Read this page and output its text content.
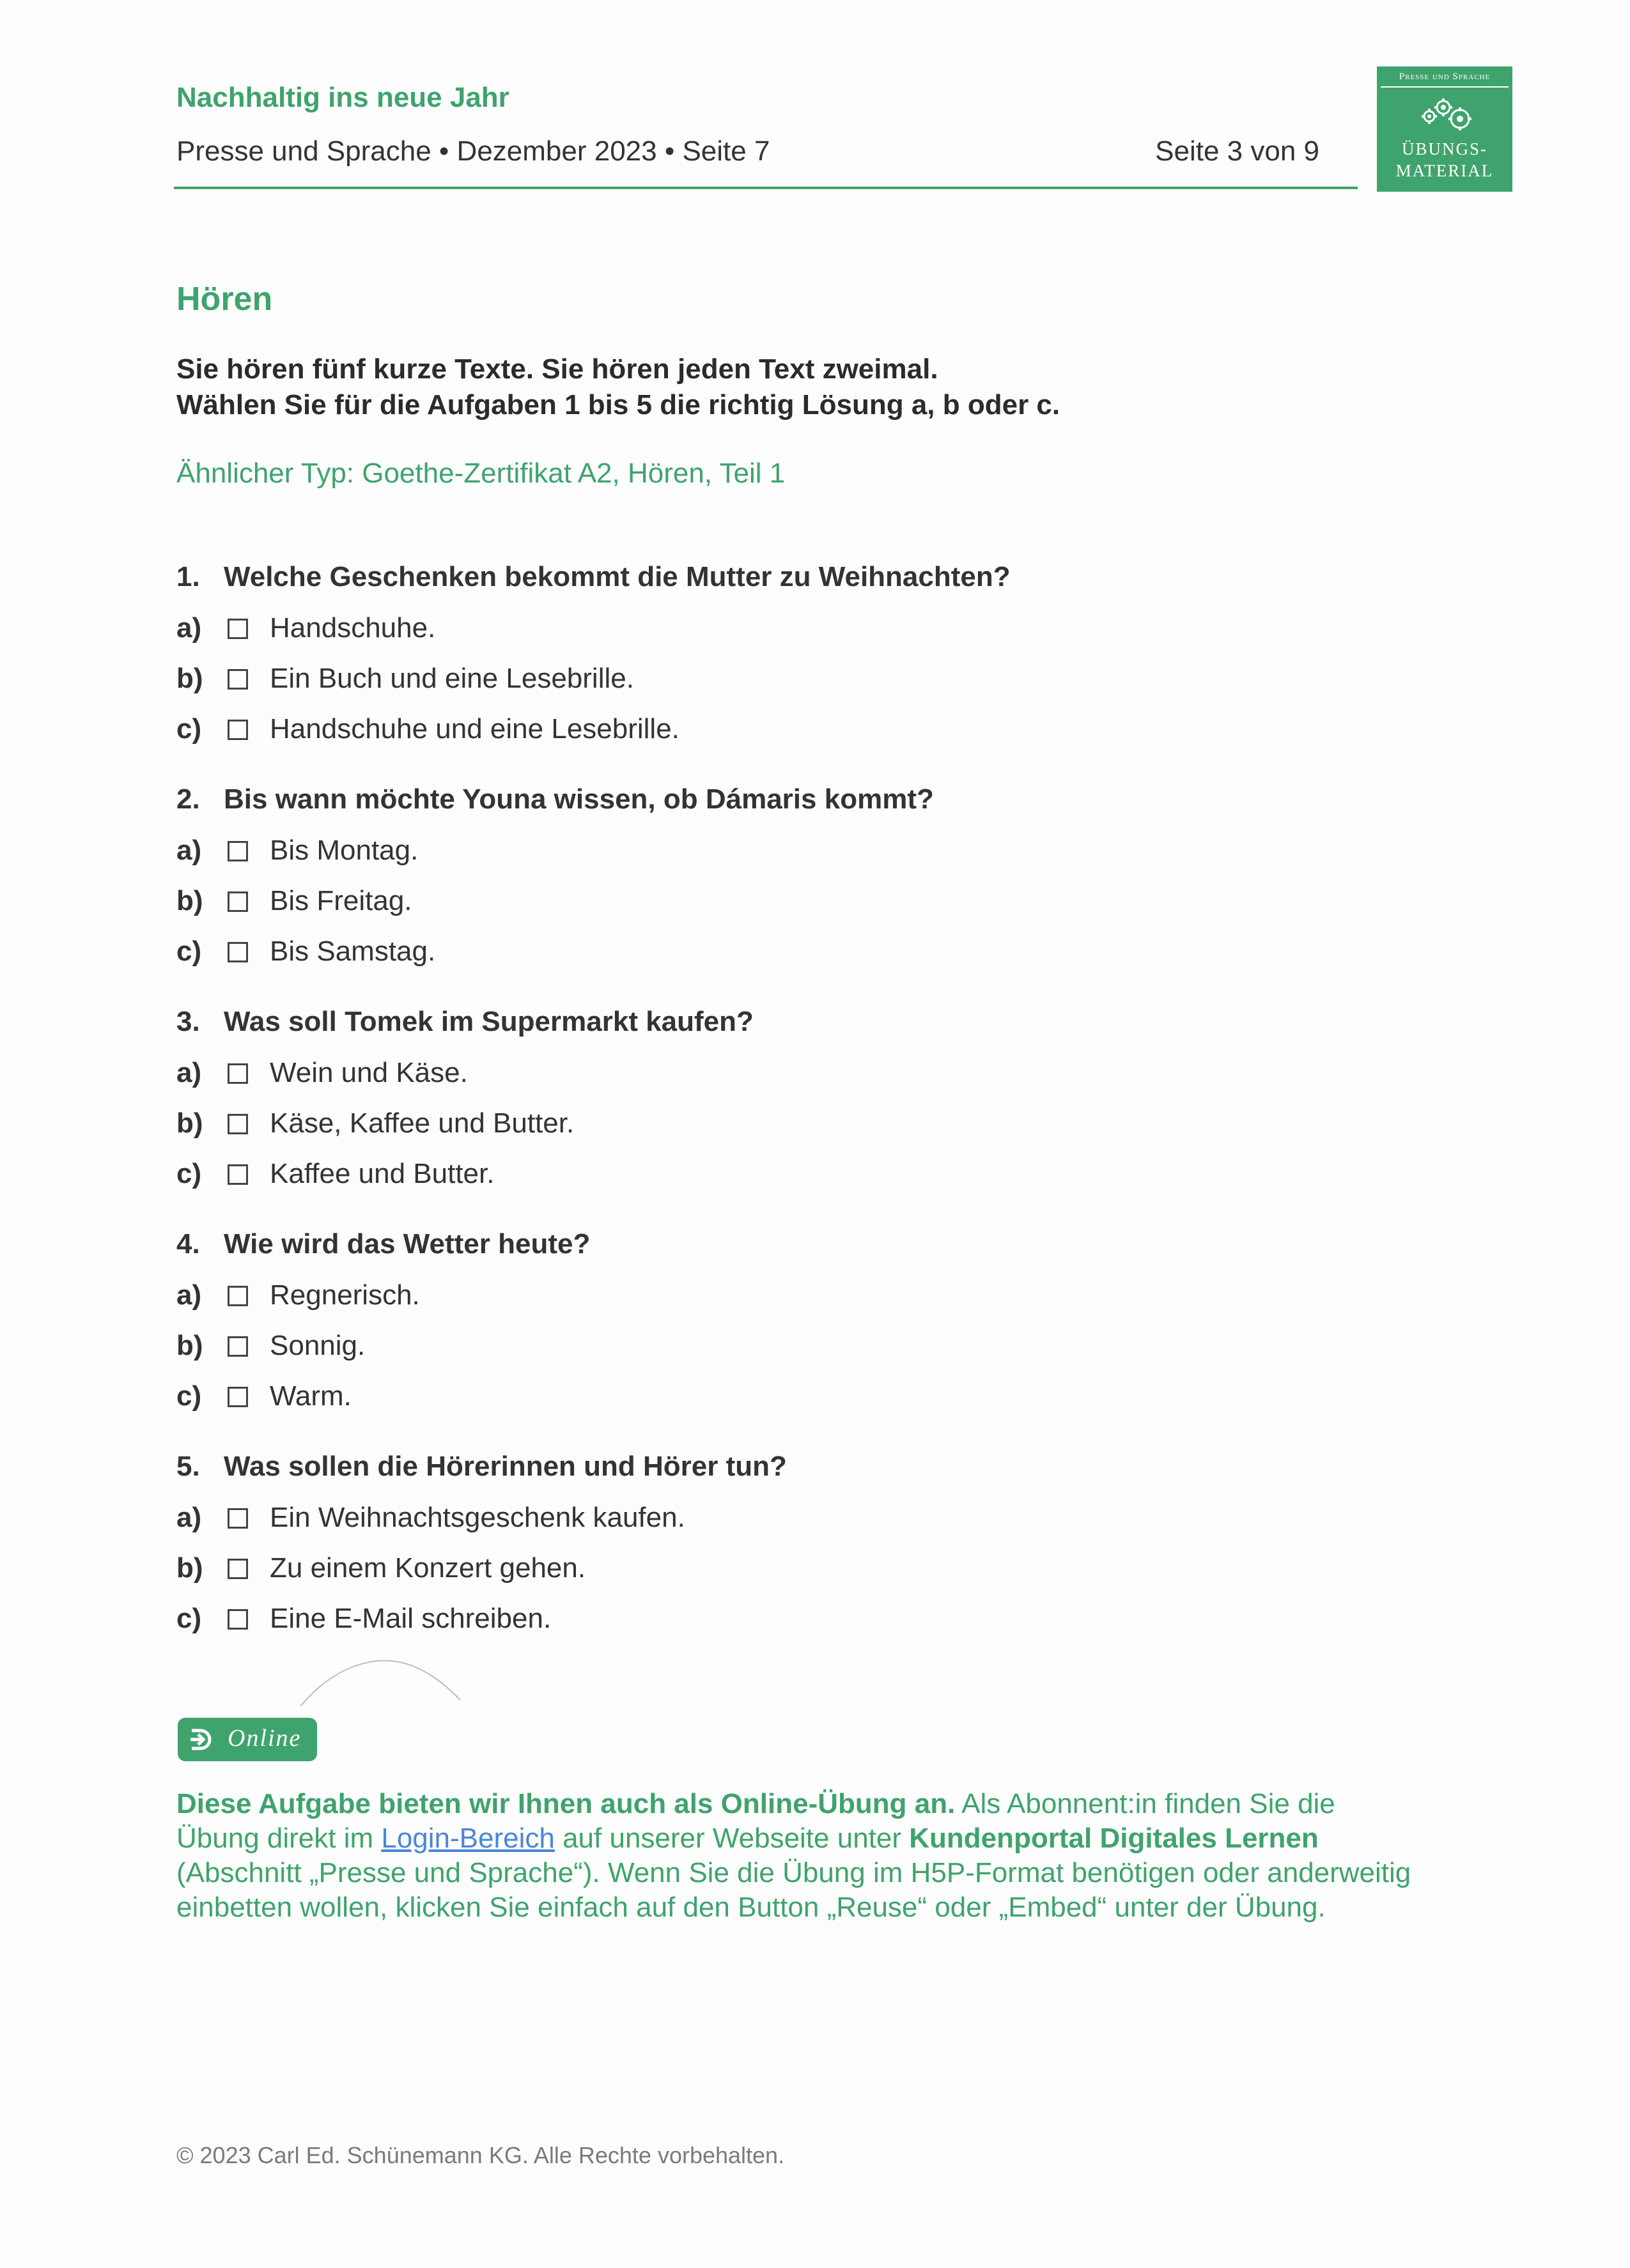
Nachhaltig ins neue Jahr
Presse und Sprache • Dezember 2023 • Seite 7	Seite 3 von 9
Presse und Sprache
ÜBUNGS-
MATERIAL
Hören
Sie hören fünf kurze Texte. Sie hören jeden Text zweimal.
Wählen Sie für die Aufgaben 1 bis 5 die richtig Lösung a, b oder c.
Ähnlicher Typ: Goethe-Zertifikat A2, Hören, Teil 1
1. Welche Geschenken bekommt die Mutter zu Weihnachten?
a) Handschuhe.
b) Ein Buch und eine Lesebrille.
c) Handschuhe und eine Lesebrille.
2. Bis wann möchte Youna wissen, ob Dámaris kommt?
a) Bis Montag.
b) Bis Freitag.
c) Bis Samstag.
3. Was soll Tomek im Supermarkt kaufen?
a) Wein und Käse.
b) Käse, Kaffee und Butter.
c) Kaffee und Butter.
4. Wie wird das Wetter heute?
a) Regnerisch.
b) Sonnig.
c) Warm.
5. Was sollen die Hörerinnen und Hörer tun?
a) Ein Weihnachtsgeschenk kaufen.
b) Zu einem Konzert gehen.
c) Eine E-Mail schreiben.
Online
Diese Aufgabe bieten wir Ihnen auch als Online-Übung an. Als Abonnent:in finden Sie die Übung direkt im Login-Bereich auf unserer Webseite unter Kundenportal Digitales Lernen (Abschnitt „Presse und Sprache“). Wenn Sie die Übung im H5P-Format benötigen oder anderweitig einbetten wollen, klicken Sie einfach auf den Button „Reuse“ oder „Embed“ unter der Übung.
© 2023 Carl Ed. Schünemann KG. Alle Rechte vorbehalten.
